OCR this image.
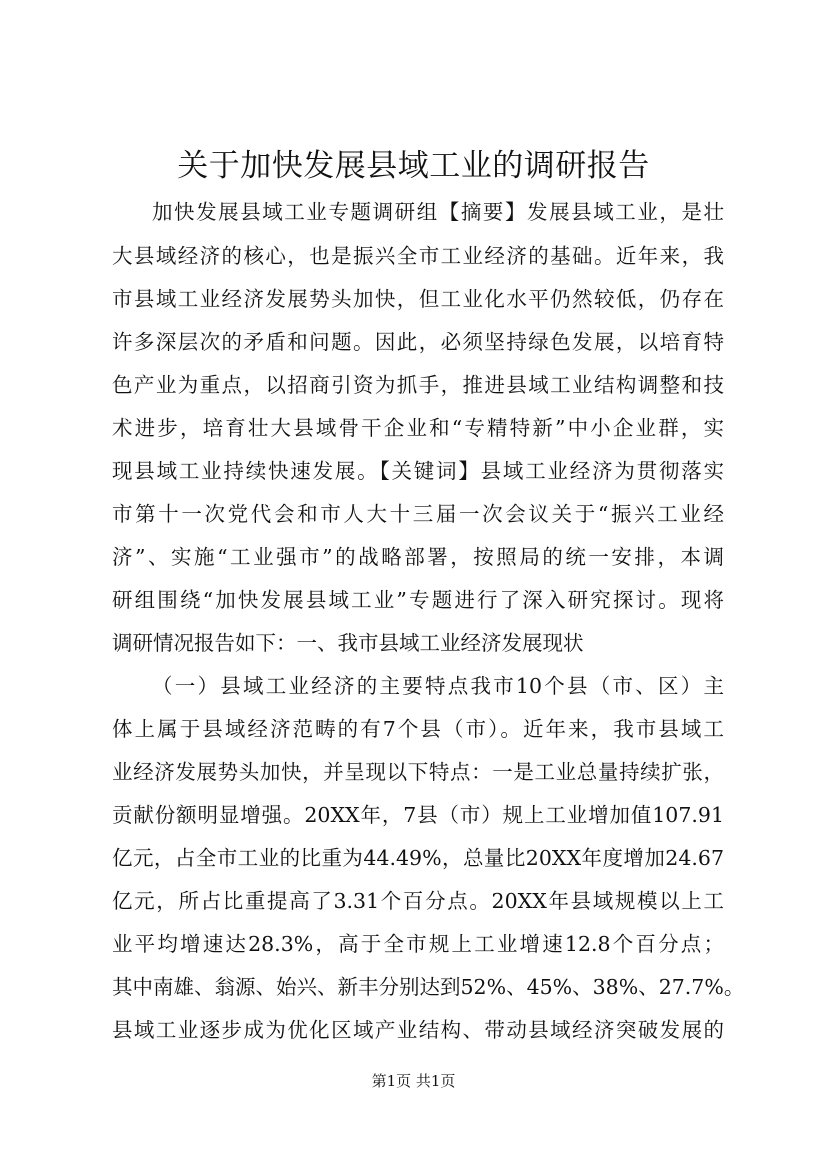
关于加快发展县域工业的调研报告
加快发展县域工业专题调研组【摘要】发展县域工业，是壮
大县域经济的核心，也是振兴全市工业经济的基础。近年来，我
市县域工业经济发展势头加快，但工业化水平仍然较低，仍存在
许多深层次的矛盾和问题。因此，必须坚持绿色发展，以培育特
色产业为重点，以招商引资为抓手，推进县域工业结构调整和技
术进步，培育壮大县域骨干企业和“专精特新”中小企业群，实
现县域工业持续快速发展。【关键词】县域工业经济为贯彻落实
市第十一次党代会和市人大十三届一次会议关于“振兴工业经
济”、实施“工业强市”的战略部署，按照局的统一安排，本调
研组围绕“加快发展县域工业”专题进行了深入研究探讨。现将
调研情况报告如下：一、我市县域工业经济发展现状
（一）县域工业经济的主要特点我市10个县（市、区）主
体上属于县域经济范畴的有7个县（市）。近年来，我市县域工
业经济发展势头加快，并呈现以下特点：一是工业总量持续扩张，
贡献份额明显增强。20XX年，7县（市）规上工业增加值107.91
亿元，占全市工业的比重为44.49%，总量比20XX年度增加24.67
亿元，所占比重提高了3.31个百分点。20XX年县域规模以上工
业平均增速达28.3%，高于全市规上工业增速12.8个百分点；
其中南雄、翁源、始兴、新丰分别达到52%、45%、38%、27.7%。
县域工业逐步成为优化区域产业结构、带动县域经济突破发展的
第1页 共1页
